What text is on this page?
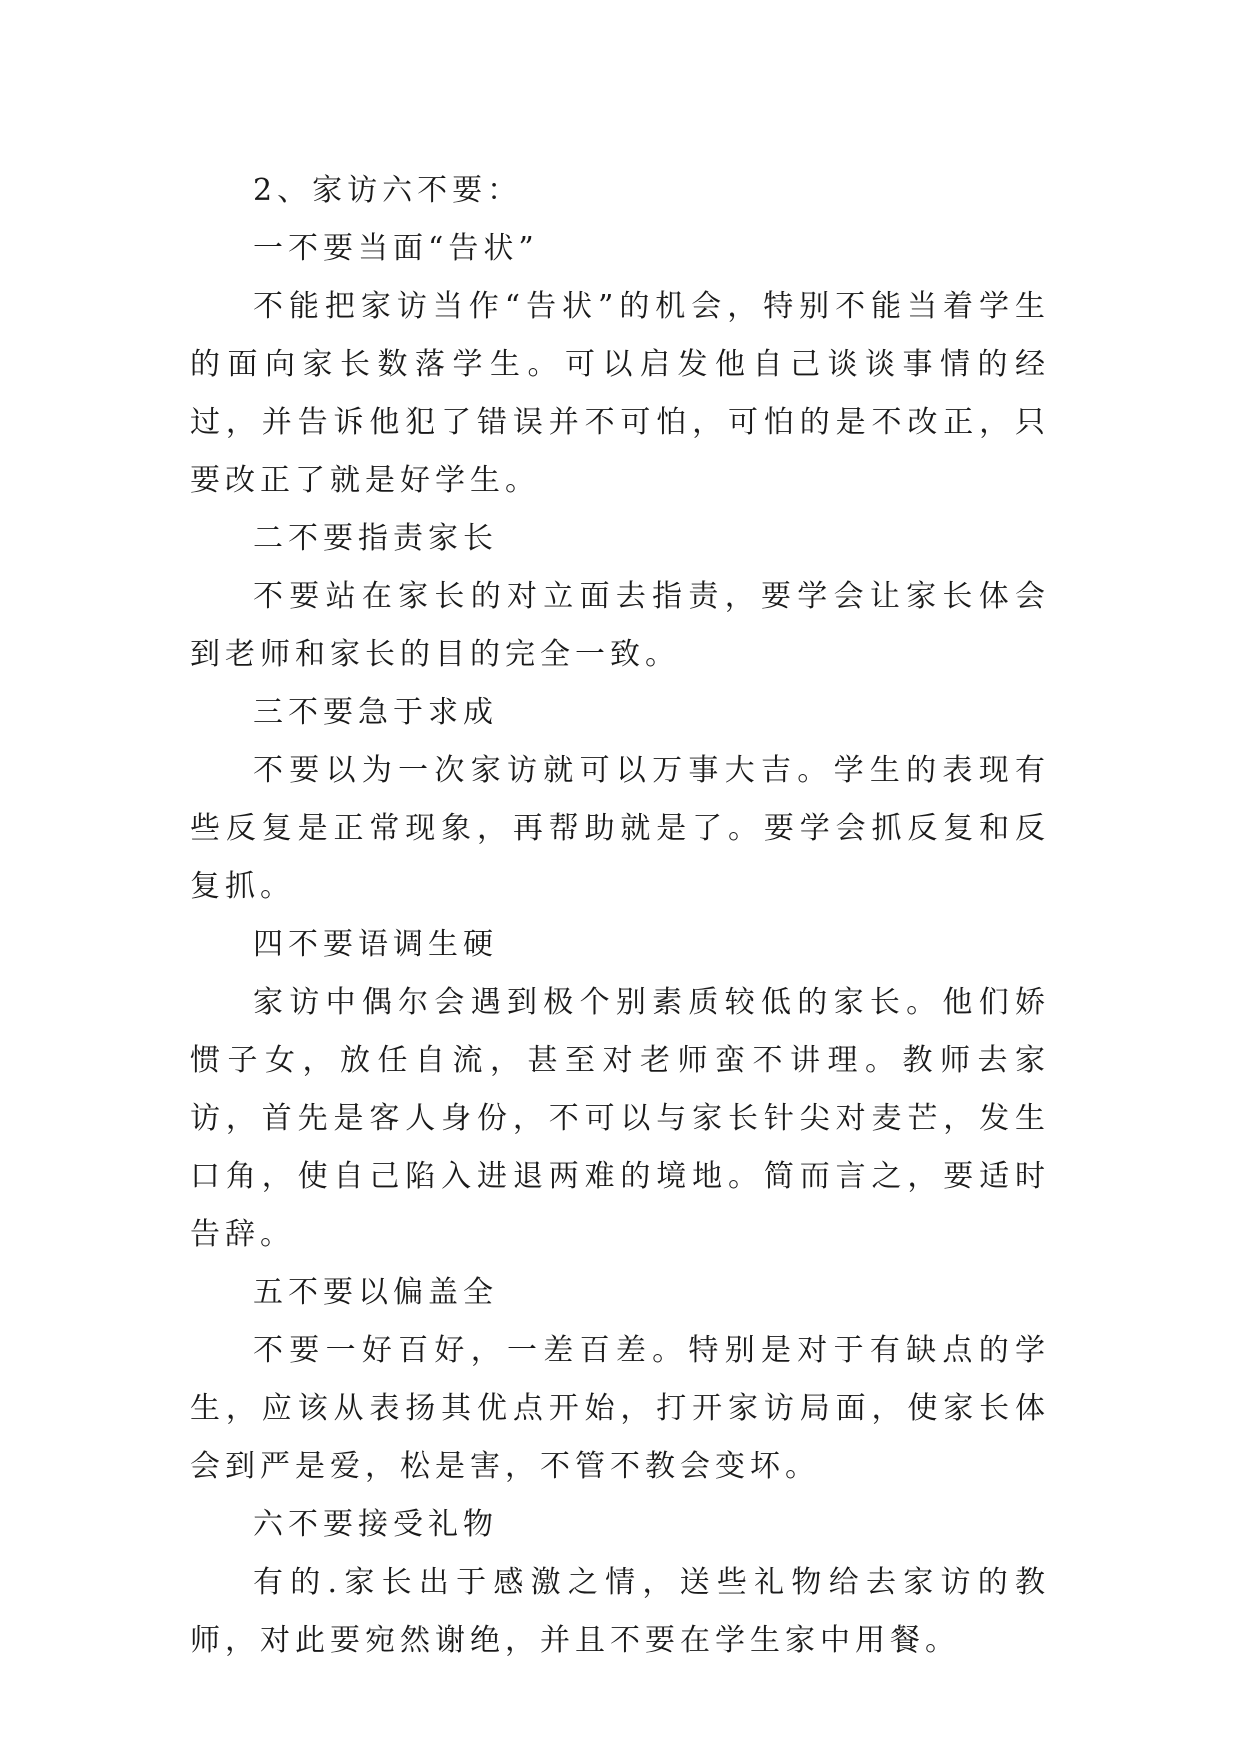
2、家访六不要：

一不要当面“告状”

不能把家访当作“告状”的机会，特别不能当着学生的面向家长数落学生。可以启发他自己谈谈事情的经过，并告诉他犯了错误并不可怕，可怕的是不改正，只要改正了就是好学生。

二不要指责家长

不要站在家长的对立面去指责，要学会让家长体会到老师和家长的目的完全一致。

三不要急于求成

不要以为一次家访就可以万事大吉。学生的表现有些反复是正常现象，再帮助就是了。要学会抓反复和反复抓。

四不要语调生硬

家访中偶尔会遇到极个别素质较低的家长。他们娇惯子女，放任自流，甚至对老师蛮不讲理。教师去家访，首先是客人身份，不可以与家长针尖对麦芒，发生口角，使自己陷入进退两难的境地。简而言之，要适时告辞。

五不要以偏盖全

不要一好百好，一差百差。特别是对于有缺点的学生，应该从表扬其优点开始，打开家访局面，使家长体会到严是爱，松是害，不管不教会变坏。

六不要接受礼物

有的.家长出于感激之情，送些礼物给去家访的教师，对此要宛然谢绝，并且不要在学生家中用餐。
